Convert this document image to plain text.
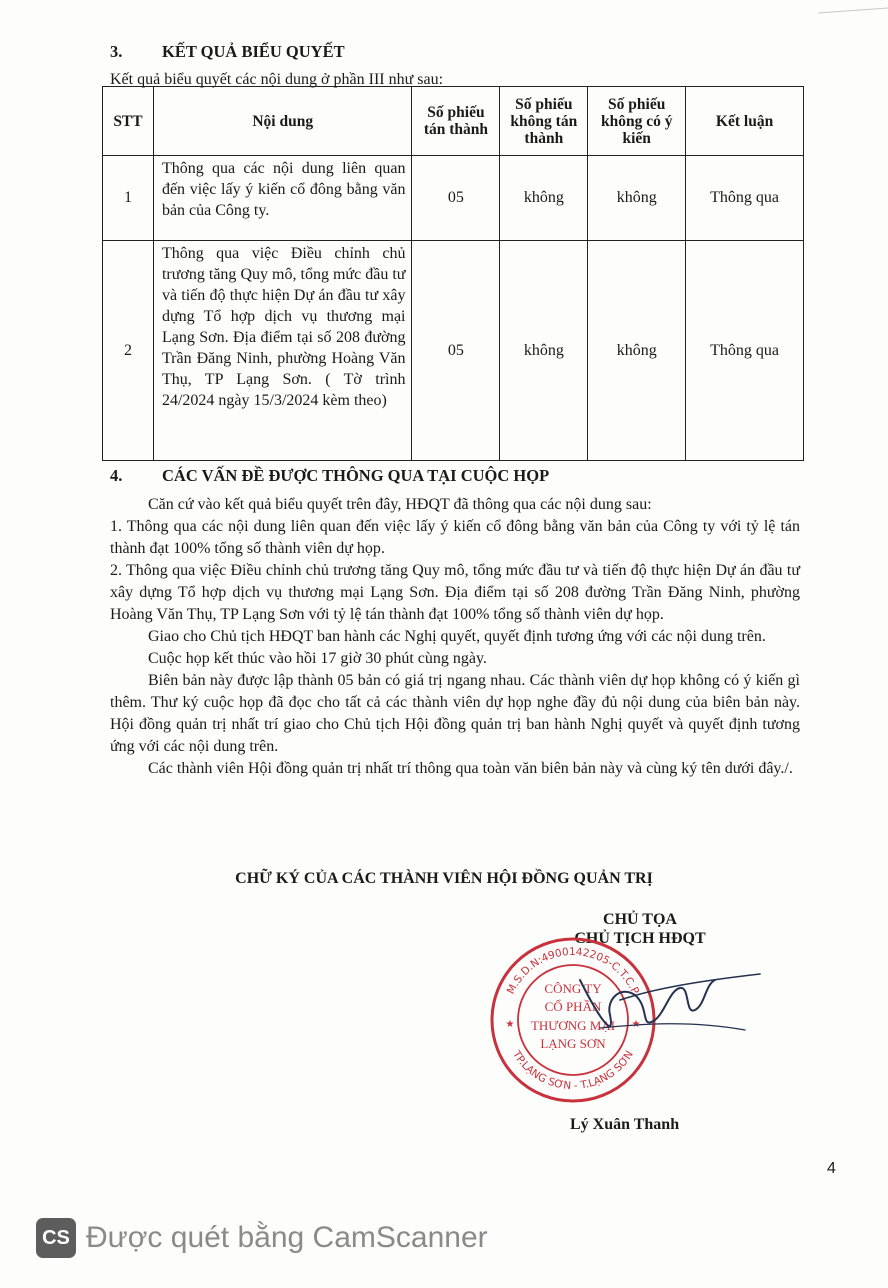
3. KẾT QUẢ BIỂU QUYẾT
Kết quả biểu quyết các nội dung ở phần III như sau:
STT	Nội dung	Số phiếu tán thành	Số phiếu không tán thành	Số phiếu không có ý kiến	Kết luận
1	Thông qua các nội dung liên quan đến việc lấy ý kiến cổ đông bằng văn bản của Công ty.	05	không	không	Thông qua
2	Thông qua việc Điều chỉnh chủ trương tăng Quy mô, tổng mức đầu tư và tiến độ thực hiện Dự án đầu tư xây dựng Tổ hợp dịch vụ thương mại Lạng Sơn. Địa điểm tại số 208 đường Trần Đăng Ninh, phường Hoàng Văn Thụ, TP Lạng Sơn. ( Tờ trình 24/2024 ngày 15/3/2024 kèm theo)	05	không	không	Thông qua
4. CÁC VẤN ĐỀ ĐƯỢC THÔNG QUA TẠI CUỘC HỌP

Căn cứ vào kết quả biểu quyết trên đây, HĐQT đã thông qua các nội dung sau:

1. Thông qua các nội dung liên quan đến việc lấy ý kiến cổ đông bằng văn bản của Công ty với tỷ lệ tán thành đạt 100% tổng số thành viên dự họp.

2. Thông qua việc Điều chỉnh chủ trương tăng Quy mô, tổng mức đầu tư và tiến độ thực hiện Dự án đầu tư xây dựng Tổ hợp dịch vụ thương mại Lạng Sơn. Địa điểm tại số 208 đường Trần Đăng Ninh, phường Hoàng Văn Thụ, TP Lạng Sơn với tỷ lệ tán thành đạt 100% tổng số thành viên dự họp.

Giao cho Chủ tịch HĐQT ban hành các Nghị quyết, quyết định tương ứng với các nội dung trên.

Cuộc họp kết thúc vào hồi 17 giờ 30 phút cùng ngày.

Biên bản này được lập thành 05 bản có giá trị ngang nhau. Các thành viên dự họp không có ý kiến gì thêm. Thư ký cuộc họp đã đọc cho tất cả các thành viên dự họp nghe đầy đủ nội dung của biên bản này. Hội đồng quản trị nhất trí giao cho Chủ tịch Hội đồng quản trị ban hành Nghị quyết và quyết định tương ứng với các nội dung trên.

Các thành viên Hội đồng quản trị nhất trí thông qua toàn văn biên bản này và cùng ký tên dưới đây./.

CHỮ KÝ CỦA CÁC THÀNH VIÊN HỘI ĐỒNG QUẢN TRỊ
CHỦ TỌA
CHỦ TỊCH HĐQT
M.S.D.N:4900142205-C.T.C.P
TP.LẠNG SƠN - T.LẠNG SƠN
CÔNG TY
CỔ PHẦN
THƯƠNG MẠI
LẠNG SƠN
★	★
Lý Xuân Thanh
4
CS Được quét bằng CamScanner
